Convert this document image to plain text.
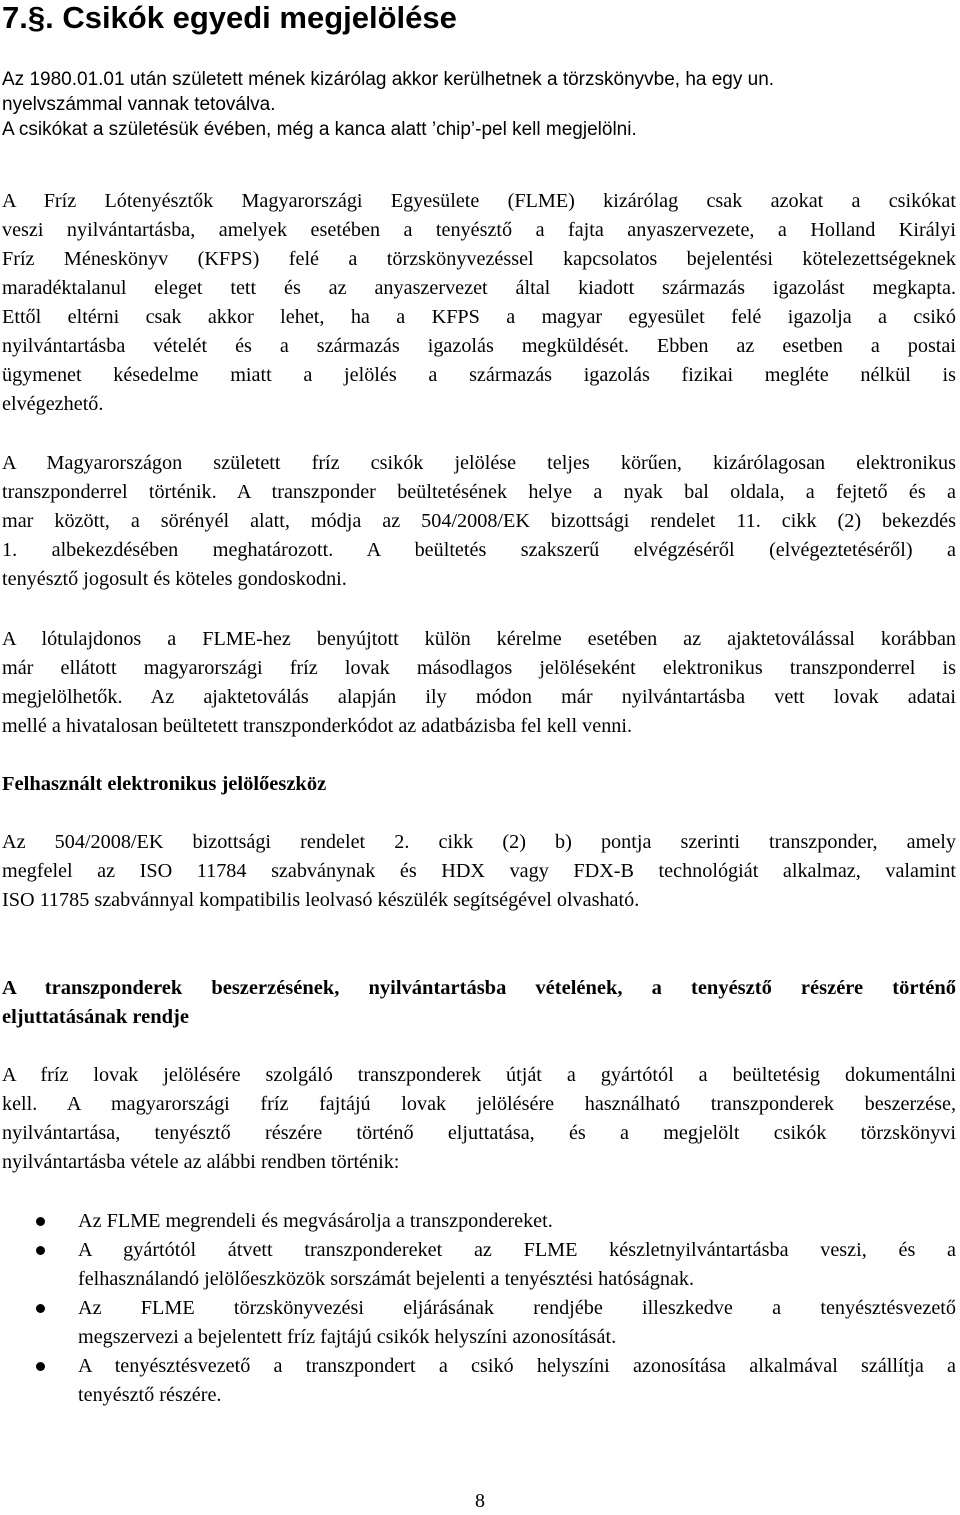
7.§. Csikók egyedi megjelölése
Az 1980.01.01 után született mének kizárólag akkor kerülhetnek a törzskönyvbe, ha egy un.
nyelvszámmal vannak tetoválva.
A csikókat a születésük évében, még a kanca alatt ’chip’-pel kell megjelölni.
A Fríz Lótenyésztők Magyarországi Egyesülete (FLME) kizárólag csak azokat a csikókat
veszi nyilvántartásba, amelyek esetében a tenyésztő a fajta anyaszervezete, a Holland Királyi
Fríz Méneskönyv (KFPS) felé a törzskönyvezéssel kapcsolatos bejelentési kötelezettségeknek
maradéktalanul eleget tett és az anyaszervezet által kiadott származás igazolást megkapta.
Ettől eltérni csak akkor lehet, ha a KFPS a magyar egyesület felé igazolja a csikó
nyilvántartásba vételét és a származás igazolás megküldését. Ebben az esetben a postai
ügymenet késedelme miatt a jelölés a származás igazolás fizikai megléte nélkül is
elvégezhető.
A Magyarországon született fríz csikók jelölése teljes körűen, kizárólagosan elektronikus
transzponderrel történik. A transzponder beültetésének helye a nyak bal oldala, a fejtető és a
mar között, a sörényél alatt, módja az 504/2008/EK bizottsági rendelet 11. cikk (2) bekezdés
1. albekezdésében meghatározott. A beültetés szakszerű elvégzéséről (elvégeztetéséről) a
tenyésztő jogosult és köteles gondoskodni.
A lótulajdonos a FLME-hez benyújtott külön kérelme esetében az ajaktetoválással korábban
már ellátott magyarországi fríz lovak másodlagos jelöléseként elektronikus transzponderrel is
megjelölhetők. Az ajaktetoválás alapján ily módon már nyilvántartásba vett lovak adatai
mellé a hivatalosan beültetett transzponderkódot az adatbázisba fel kell venni.
Felhasznált elektronikus jelölőeszköz
Az 504/2008/EK bizottsági rendelet 2. cikk (2) b) pontja szerinti transzponder, amely
megfelel az ISO 11784 szabványnak és HDX vagy FDX-B technológiát alkalmaz, valamint
ISO 11785 szabvánnyal kompatibilis leolvasó készülék segítségével olvasható.
A transzponderek beszerzésének, nyilvántartásba vételének, a tenyésztő részére történő
eljuttatásának rendje
A fríz lovak jelölésére szolgáló transzponderek útját a gyártótól a beültetésig dokumentálni
kell. A magyarországi fríz fajtájú lovak jelölésére használható transzponderek beszerzése,
nyilvántartása, tenyésztő részére történő eljuttatása, és a megjelölt csikók törzskönyvi
nyilvántartásba vétele az alábbi rendben történik:
Az FLME megrendeli és megvásárolja a transzpondereket.
A gyártótól átvett transzpondereket az FLME készletnyilvántartásba veszi, és a
felhasználandó jelölőeszközök sorszámát bejelenti a tenyésztési hatóságnak.
Az FLME törzskönyvezési eljárásának rendjébe illeszkedve a tenyésztésvezető
megszervezi a bejelentett fríz fajtájú csikók helyszíni azonosítását.
A tenyésztésvezető a transzpondert a csikó helyszíni azonosítása alkalmával szállítja a
tenyésztő részére.
8
